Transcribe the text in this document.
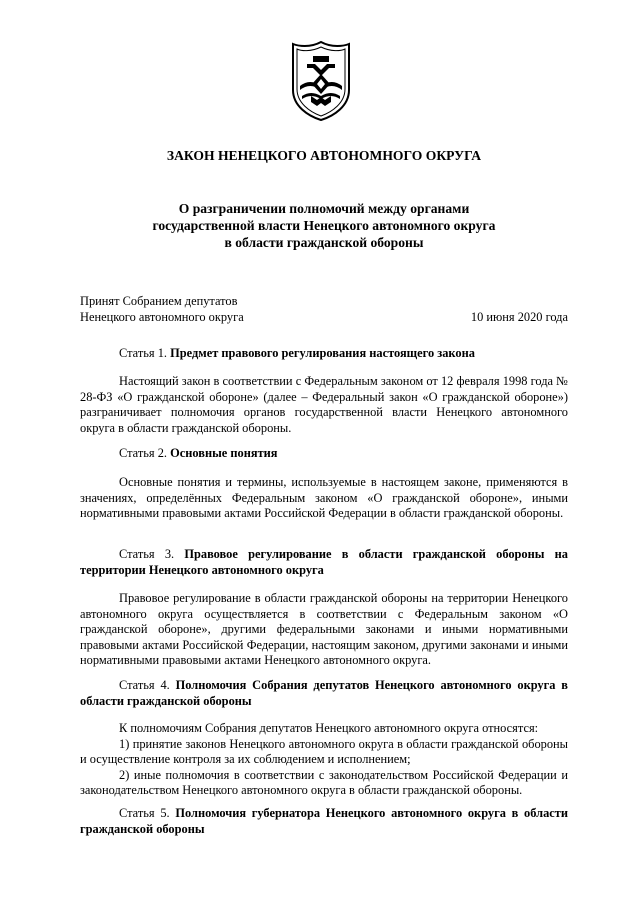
ЗАКОН НЕНЕЦКОГО АВТОНОМНОГО ОКРУГА
О разграничении полномочий между органами
государственной власти Ненецкого автономного округа
в области гражданской обороны
Принят Собранием депутатов
Ненецкого автономного округа	10 июня 2020 года
Статья 1. Предмет правового регулирования настоящего закона

Настоящий закон в соответствии с Федеральным законом от 12 февраля 1998 года № 28-ФЗ «О гражданской обороне» (далее – Федеральный закон «О гражданской обороне») разграничивает полномочия органов государственной власти Ненецкого автономного округа в области гражданской обороны.

Статья 2. Основные понятия

Основные понятия и термины, используемые в настоящем законе, применяются в значениях, определённых Федеральным законом «О гражданской обороне», иными нормативными правовыми актами Российской Федерации в области гражданской обороны.

Статья 3. Правовое регулирование в области гражданской обороны на территории Ненецкого автономного округа

Правовое регулирование в области гражданской обороны на территории Ненецкого автономного округа осуществляется в соответствии с Федеральным законом «О гражданской обороне», другими федеральными законами и иными нормативными правовыми актами Российской Федерации, настоящим законом, другими законами и иными нормативными правовыми актами Ненецкого автономного округа.

Статья 4. Полномочия Собрания депутатов Ненецкого автономного округа в области гражданской обороны

К полномочиям Собрания депутатов Ненецкого автономного округа относятся:

1) принятие законов Ненецкого автономного округа в области гражданской обороны и осуществление контроля за их соблюдением и исполнением;

2) иные полномочия в соответствии с законодательством Российской Федерации и законодательством Ненецкого автономного округа в области гражданской обороны.

Статья 5. Полномочия губернатора Ненецкого автономного округа в области гражданской обороны
